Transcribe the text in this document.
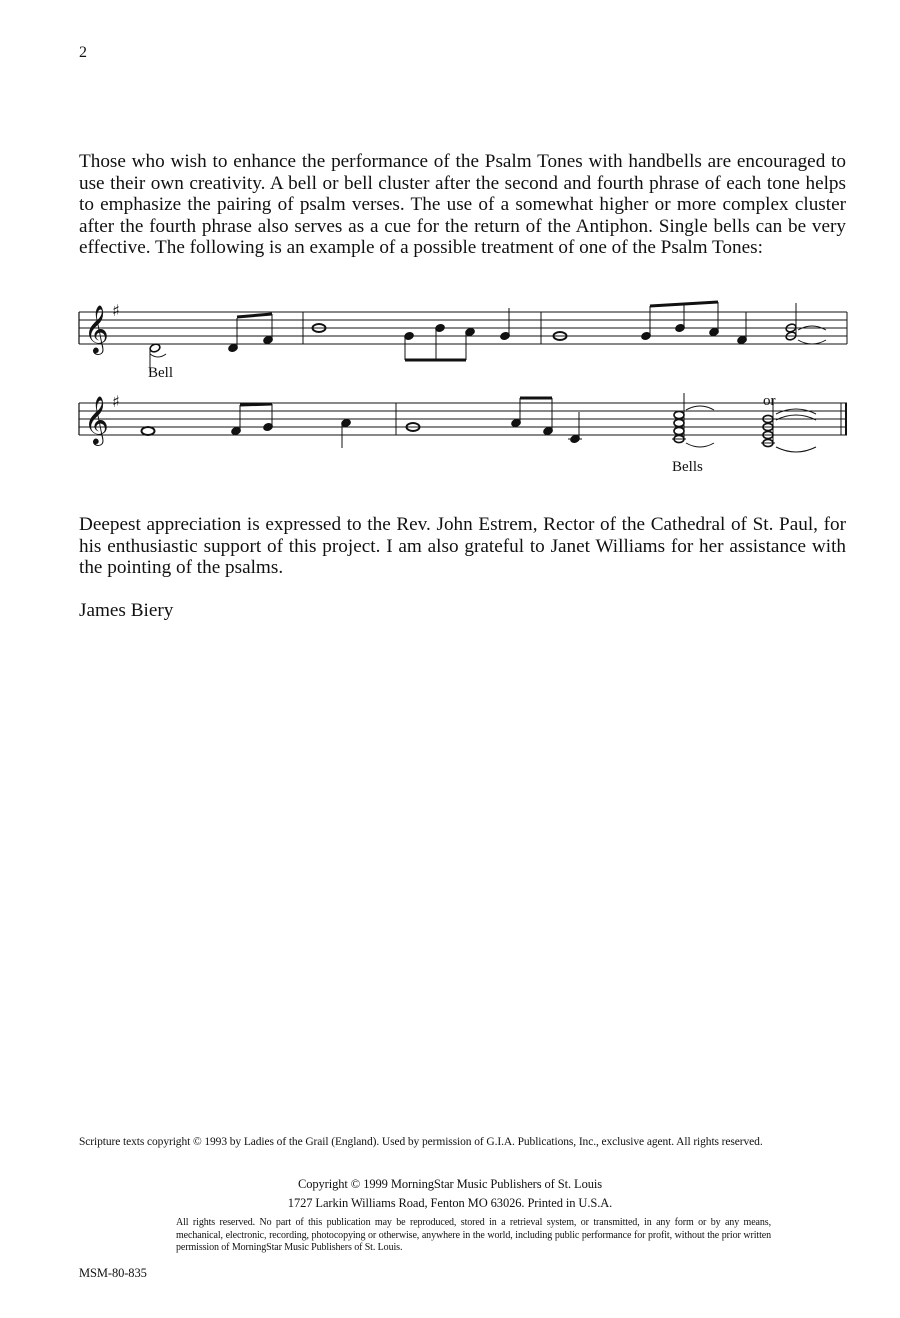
2

Those who wish to enhance the performance of the Psalm Tones with handbells are encouraged to use their own creativity. A bell or bell cluster after the second and fourth phrase of each tone helps to emphasize the pairing of psalm verses. The use of a somewhat higher or more complex cluster after the fourth phrase also serves as a cue for the return of the Antiphon. Single bells can be very effective. The following is an example of a possible treatment of one of the Psalm Tones:

𝄞 ♯
Bell
𝄞 ♯	or
Bells

Deepest appreciation is expressed to the Rev. John Estrem, Rector of the Cathedral of St. Paul, for his enthusiastic support of this project. I am also grateful to Janet Williams for her assistance with the pointing of the psalms.

James Biery
Scripture texts copyright © 1993 by Ladies of the Grail (England). Used by permission of G.I.A. Publications, Inc., exclusive agent. All rights reserved.
Copyright © 1999 MorningStar Music Publishers of St. Louis
1727 Larkin Williams Road, Fenton MO 63026. Printed in U.S.A.
All rights reserved. No part of this publication may be reproduced, stored in a retrieval system, or transmitted, in any form or by any means, mechanical, electronic, recording, photocopying or otherwise, anywhere in the world, including public performance for profit, without the prior written permission of MorningStar Music Publishers of St. Louis.
MSM-80-835
